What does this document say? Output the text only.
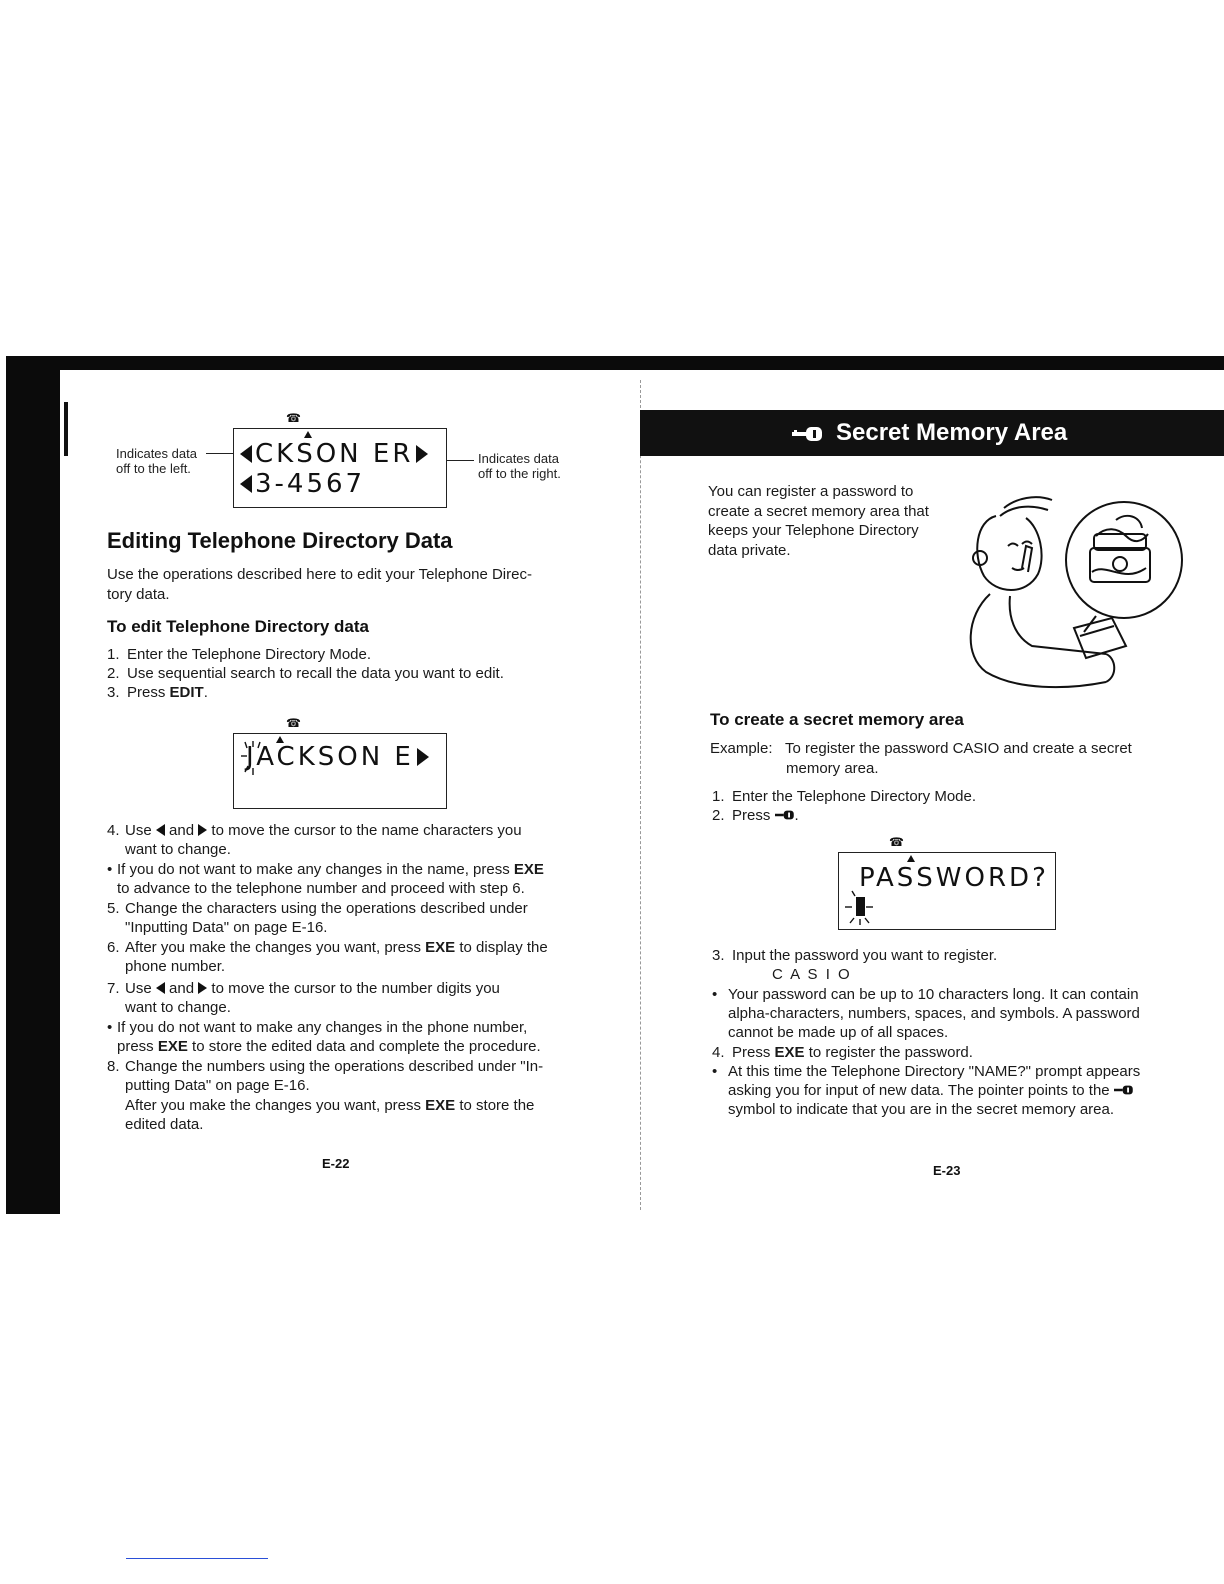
Indicates data
off to the left.
☎
CKSON ER
3-4567
Indicates data
off to the right.
Editing Telephone Directory Data
Use the operations described here to edit your Telephone Direc-
tory data.
To edit Telephone Directory data
1. Enter the Telephone Directory Mode.
2. Use sequential search to recall the data you want to edit.
3. Press EDIT.
☎
JACKSON E
4. Use and to move the cursor to the name characters you
want to change.
• If you do not want to make any changes in the name, press EXE
to advance to the telephone number and proceed with step 6.
5. Change the characters using the operations described under
"Inputting Data" on page E-16.
6. After you make the changes you want, press EXE to display the
phone number.
7. Use and to move the cursor to the number digits you
want to change.
• If you do not want to make any changes in the phone number,
press EXE to store the edited data and complete the procedure.
8. Change the numbers using the operations described under "In-
putting Data" on page E-16.
After you make the changes you want, press EXE to store the
edited data.
E-22
Secret Memory Area
You can register a password to
create a secret memory area that
keeps your Telephone Directory
data private.
To create a secret memory area
Example: To register the password CASIO and create a secret
memory area.
1. Enter the Telephone Directory Mode.
2. Press .
☎
PASSWORD?
3. Input the password you want to register.
C A S I O
• Your password can be up to 10 characters long. It can contain
alpha-characters, numbers, spaces, and symbols. A password
cannot be made up of all spaces.
4. Press EXE to register the password.
• At this time the Telephone Directory "NAME?" prompt appears
asking you for input of new data. The pointer points to the
symbol to indicate that you are in the secret memory area.
E-23
